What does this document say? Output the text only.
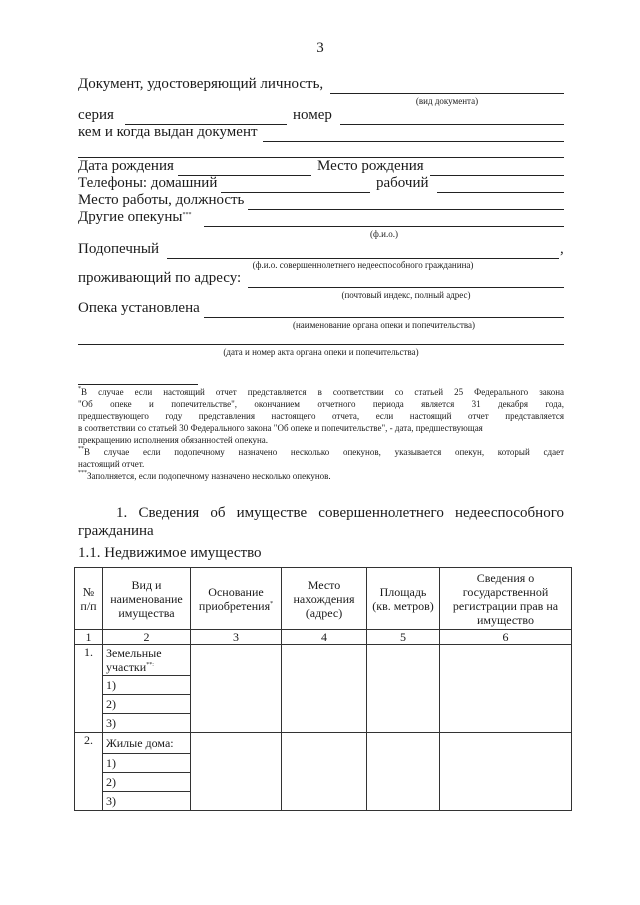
3
Документ, удостоверяющий личность,
(вид документа)
серия	номер
кем и когда выдан документ
Дата рождения	Место рождения
Телефоны: домашний	рабочий
Место работы, должность
Другие опекуны***
(ф.и.о.)
Подопечный	,
(ф.и.о. совершеннолетнего недееспособного гражданина)
проживающий по адресу:
(почтовый индекс, полный адрес)
Опека установлена
(наименование органа опеки и попечительства)
(дата и номер акта органа опеки и попечительства)

*В случае если настоящий отчет представляется в соответствии со статьей 25 Федерального закона

"Об опеке и попечительстве", окончанием отчетного периода является 31 декабря года,

предшествующего году представления настоящего отчета, если настоящий отчет представляется

в соответствии со статьей 30 Федерального закона "Об опеке и попечительстве", - дата, предшествующая

прекращению исполнения обязанностей опекуна.

**В случае если подопечному назначено несколько опекунов, указывается опекун, который сдает

настоящий отчет.

***Заполняется, если подопечному назначено несколько опекунов.

1. Сведения об имуществе совершеннолетнего недееспособного
гражданина
1.1. Недвижимое имущество
№ п/п	Вид и наименование имущества	Основание приобретения*	Место нахождения (адрес)	Площадь (кв. метров)	Сведения о государственной регистрации прав на имущество
1	2	3	4	5	6
1.	Земельные участки**:				
	1)				
	2)				
	3)				
2.	Жилые дома:				
	1)				
	2)				
	3)				
